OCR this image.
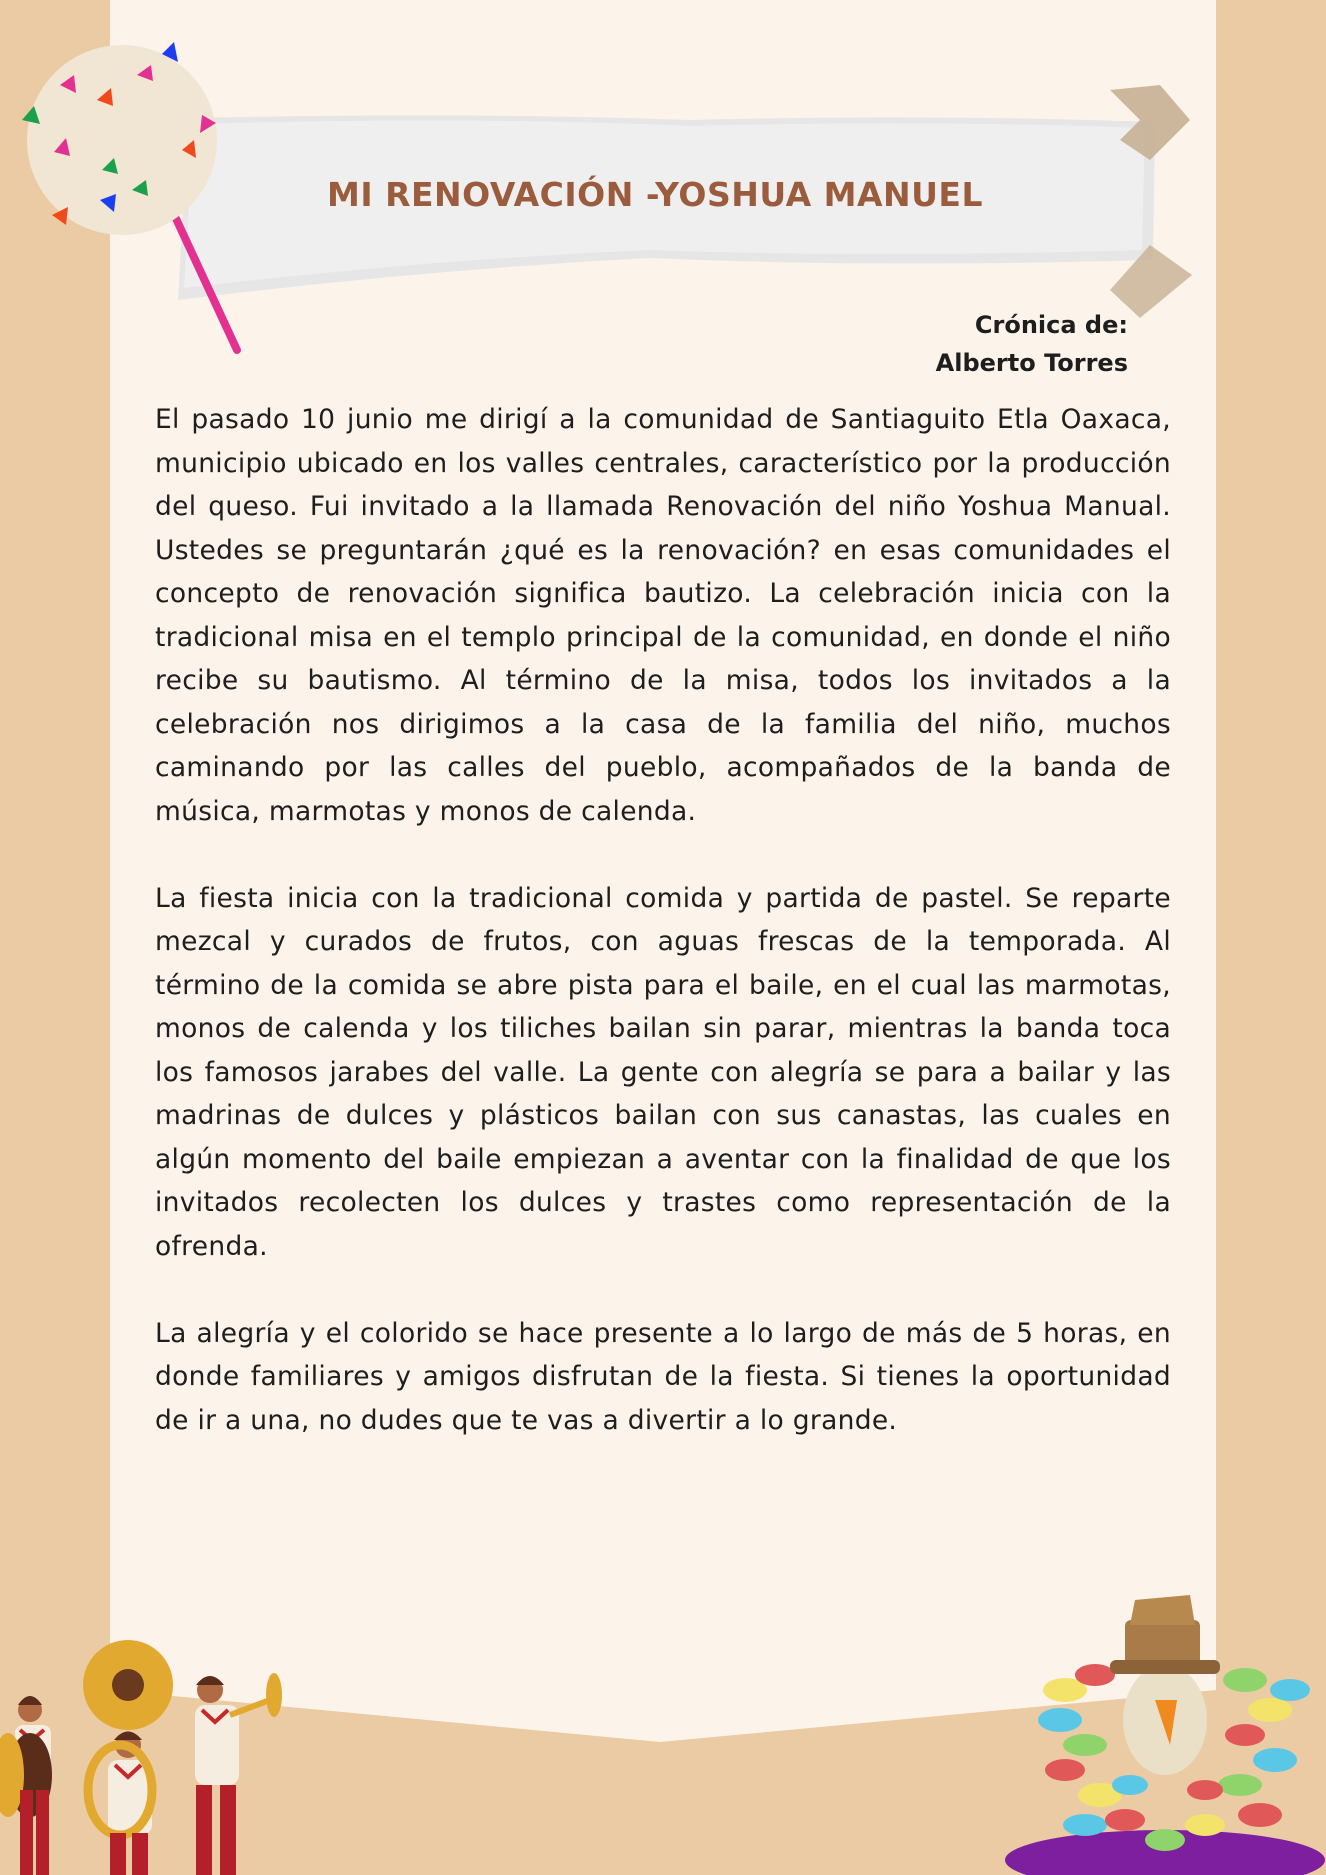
MI RENOVACIÓN -YOSHUA MANUEL
Crónica de:
Alberto Torres

El pasado 10 junio me dirigí a la comunidad de Santiaguito Etla Oaxaca, municipio ubicado en los valles centrales, característico por la producción del queso. Fui invitado a la llamada Renovación del niño Yoshua Manual. Ustedes se preguntarán ¿qué es la renovación? en esas comunidades el concepto de renovación significa bautizo. La celebración inicia con la tradicional misa en el templo principal de la comunidad, en donde el niño recibe su bautismo. Al término de la misa, todos los invitados a la celebración nos dirigimos a la casa de la familia del niño, muchos caminando por las calles del pueblo, acompañados de la banda de música, marmotas y monos de calenda.

La fiesta inicia con la tradicional comida y partida de pastel. Se reparte mezcal y curados de frutos, con aguas frescas de la temporada. Al término de la comida se abre pista para el baile, en el cual las marmotas, monos de calenda y los tiliches bailan sin parar, mientras la banda toca los famosos jarabes del valle. La gente con alegría se para a bailar y las madrinas de dulces y plásticos bailan con sus canastas, las cuales en algún momento del baile empiezan a aventar con la finalidad de que los invitados recolecten los dulces y trastes como representación de la ofrenda.

La alegría y el colorido se hace presente a lo largo de más de 5 horas, en donde familiares y amigos disfrutan de la fiesta. Si tienes la oportunidad de ir a una, no dudes que te vas a divertir a lo grande.
